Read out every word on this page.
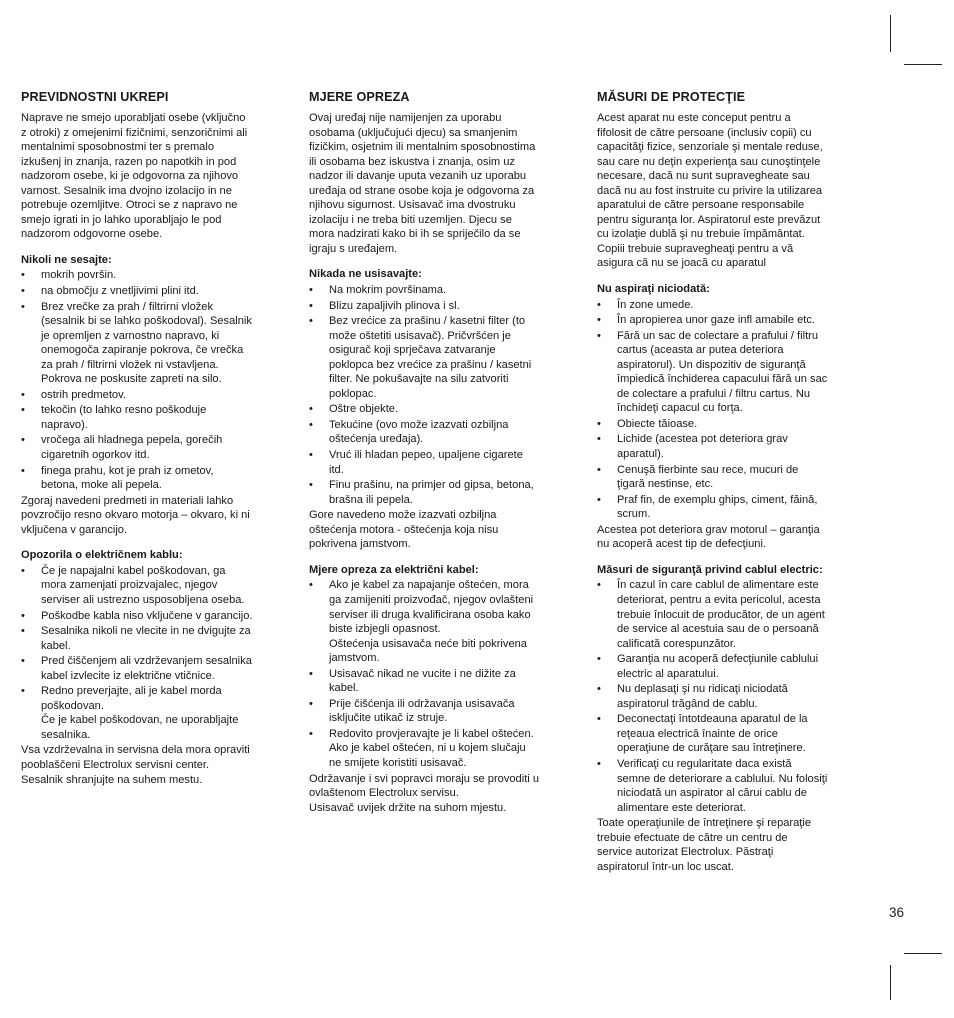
PREVIDNOSTNI UKREPI

Naprave ne smejo uporabljati osebe (vključno
z otroki) z omejenimi fizičnimi, senzoričnimi ali
mentalnimi sposobnostmi ter s premalo
izkušenj in znanja, razen po napotkih in pod
nadzorom osebe, ki je odgovorna za njihovo
varnost. Sesalnik ima dvojno izolacijo in ne
potrebuje ozemljitve. Otroci se z napravo ne
smejo igrati in jo lahko uporabljajo le pod
nadzorom odgovorne osebe.

Nikoli ne sesajte:
• mokrih površin.
• na območju z vnetljivimi plini itd.
• Brez vrečke za prah / filtrirni vložek
(sesalnik bi se lahko poškodoval). Sesalnik
je opremljen z varnostno napravo, ki
onemogoča zapiranje pokrova, če vrečka
za prah / filtrirni vložek ni vstavljena.
Pokrova ne poskusite zapreti na silo.
• ostrih predmetov.
• tekočin (to lahko resno poškoduje
napravo).
• vročega ali hladnega pepela, gorečih
cigaretnih ogorkov itd.
• finega prahu, kot je prah iz ometov,
betona, moke ali pepela.

Zgoraj navedeni predmeti in materiali lahko
povzročijo resno okvaro motorja – okvaro, ki ni
vključena v garancijo.

Opozorila o električnem kablu:
• Če je napajalni kabel poškodovan, ga
mora zamenjati proizvajalec, njegov
serviser ali ustrezno usposobljena oseba.
• Poškodbe kabla niso vključene v garancijo.
• Sesalnika nikoli ne vlecite in ne dvigujte za
kabel.
• Pred čiščenjem ali vzdrževanjem sesalnika
kabel izvlecite iz električne vtičnice.
• Redno preverjajte, ali je kabel morda
poškodovan.
Če je kabel poškodovan, ne uporabljajte
sesalnika.

Vsa vzdrževalna in servisna dela mora opraviti
pooblaščeni Electrolux servisni center.
Sesalnik shranjujte na suhem mestu.

MJERE OPREZA

Ovaj uređaj nije namijenjen za uporabu
osobama (uključujući djecu) sa smanjenim
fizičkim, osjetnim ili mentalnim sposobnostima
ili osobama bez iskustva i znanja, osim uz
nadzor ili davanje uputa vezanih uz uporabu
uređaja od strane osobe koja je odgovorna za
njihovu sigurnost. Usisavač ima dvostruku
izolaciju i ne treba biti uzemljen. Djecu se
mora nadzirati kako bi ih se spriječilo da se
igraju s uređajem.

Nikada ne usisavajte:
• Na mokrim površinama.
• Blizu zapaljivih plinova i sl.
• Bez vrećice za prašinu / kasetni filter (to
može oštetiti usisavač). Pričvršćen je
osigurač koji sprječava zatvaranje
poklopca bez vrećice za prašinu / kasetni
filter. Ne pokušavajte na silu zatvoriti
poklopac.
• Oštre objekte.
• Tekućine (ovo može izazvati ozbiljna
oštećenja uređaja).
• Vruć ili hladan pepeo, upaljene cigarete
itd.
• Finu prašinu, na primjer od gipsa, betona,
brašna ili pepela.

Gore navedeno može izazvati ozbiljna
oštećenja motora - oštećenja koja nisu
pokrivena jamstvom.

Mjere opreza za električni kabel:
• Ako je kabel za napajanje oštećen, mora
ga zamijeniti proizvođač, njegov ovlašteni
serviser ili druga kvalificirana osoba kako
biste izbjegli opasnost.
Oštećenja usisavača neće biti pokrivena
jamstvom.
• Usisavač nikad ne vucite i ne dižite za
kabel.
• Prije čišćenja ili održavanja usisavača
isključite utikač iz struje.
• Redovito provjeravajte je li kabel oštećen.
Ako je kabel oštećen, ni u kojem slučaju
ne smijete koristiti usisavač.

Održavanje i svi popravci moraju se provoditi u
ovlaštenom Electrolux servisu.
Usisavač uvijek držite na suhom mjestu.

MĂSURI DE PROTECŢIE

Acest aparat nu este conceput pentru a
fifolosit de către persoane (inclusiv copii) cu
capacităţi fizice, senzoriale şi mentale reduse,
sau care nu deţin experienţa sau cunoştinţele
necesare, dacă nu sunt supravegheate sau
dacă nu au fost instruite cu privire la utilizarea
aparatului de către persoane responsabile
pentru siguranţa lor. Aspiratorul este prevăzut
cu izolaţie dublă şi nu trebuie împământat.
Copiii trebuie supravegheaţi pentru a vă
asigura că nu se joacă cu aparatul

Nu aspiraţi niciodată:
• În zone umede.
• În apropierea unor gaze infl amabile etc.
• Fără un sac de colectare a prafului / filtru
cartus (aceasta ar putea deteriora
aspiratorul). Un dispozitiv de siguranţă
împiedică închiderea capacului fără un sac
de colectare a prafului / filtru cartus. Nu
închideţi capacul cu forţa.
• Obiecte tăioase.
• Lichide (acestea pot deteriora grav
aparatul).
• Cenuşă fierbinte sau rece, mucuri de
ţigară nestinse, etc.
• Praf fin, de exemplu ghips, ciment, făină,
scrum.

Acestea pot deteriora grav motorul – garanţia
nu acoperă acest tip de defecţiuni.

Măsuri de siguranţă privind cablul electric:
• În cazul în care cablul de alimentare este
deteriorat, pentru a evita pericolul, acesta
trebuie înlocuit de producător, de un agent
de service al acestuia sau de o persoană
calificată corespunzător.
• Garanţia nu acoperă defecţiunile cablului
electric al aparatului.
• Nu deplasaţi şi nu ridicaţi niciodată
aspiratorul trăgând de cablu.
• Deconectaţi întotdeauna aparatul de la
reţeaua electrică înainte de orice
operaţiune de curăţare sau întreţinere.
• Verificaţi cu regularitate daca există
semne de deteriorare a cablului. Nu folosiţi
niciodată un aspirator al cărui cablu de
alimentare este deteriorat.

Toate operaţiunile de întreţinere şi reparaţie
trebuie efectuate de către un centru de
service autorizat Electrolux. Păstraţi
aspiratorul într-un loc uscat.

36
